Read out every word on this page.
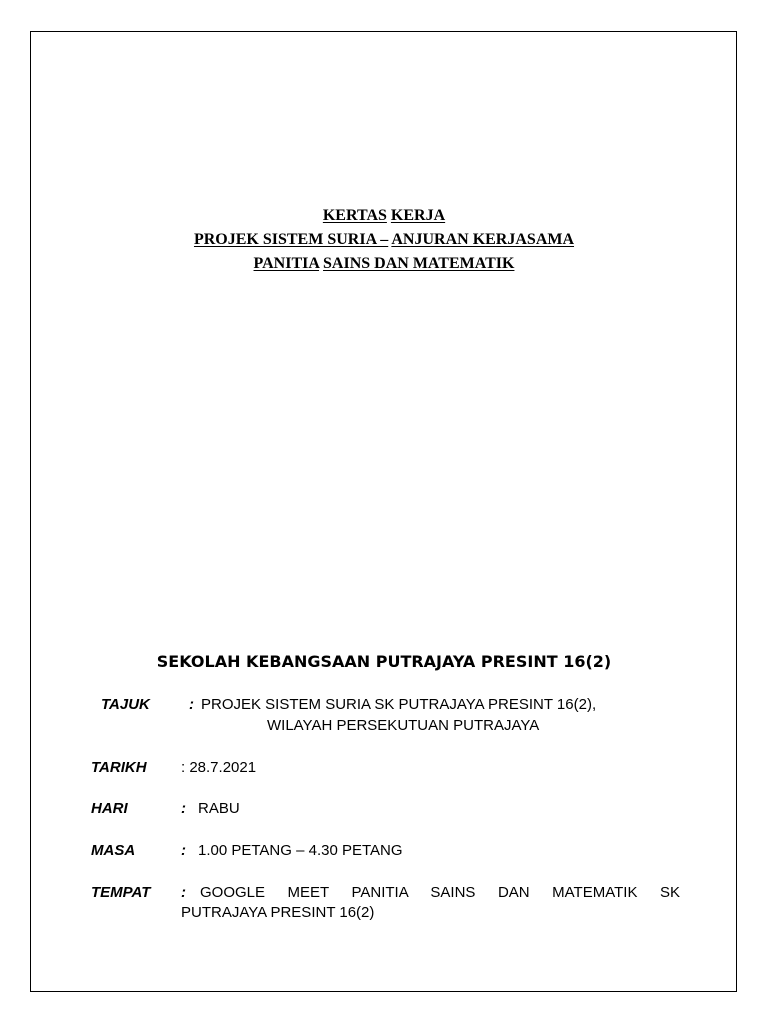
KERTAS KERJA
PROJEK SISTEM SURIA – ANJURAN KERJASAMA
PANITIA SAINS DAN MATEMATIK
SEKOLAH KEBANGSAAN PUTRAJAYA PRESINT 16(2)
TAJUK	: PROJEK SISTEM SURIA SK PUTRAJAYA PRESINT 16(2),
WILAYAH PERSEKUTUAN PUTRAJAYA
TARIKH : 28.7.2021
HARI	: RABU
MASA	: 1.00 PETANG – 4.30 PETANG
TEMPAT : GOOGLE MEET PANITIA SAINS DAN MATEMATIK SK
PUTRAJAYA PRESINT 16(2)
